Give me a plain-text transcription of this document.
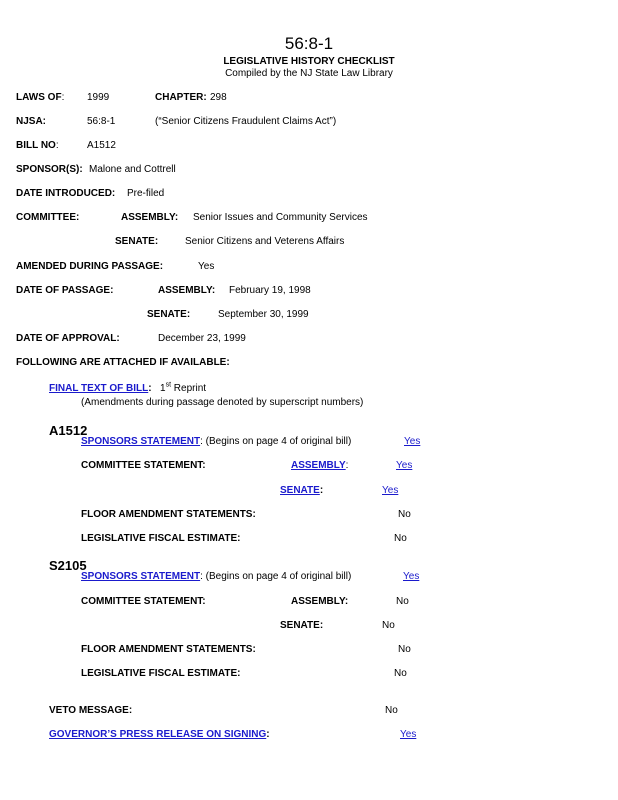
56:8-1
LEGISLATIVE HISTORY CHECKLIST
Compiled by the NJ State Law Library
LAWS OF: 1999	CHAPTER: 298
NJSA:	56:8-1	(“Senior Citizens Fraudulent Claims Act”)
BILL NO:	A1512
SPONSOR(S): Malone and Cottrell
DATE INTRODUCED: Pre-filed
COMMITTEE:	ASSEMBLY: Senior Issues and Community Services
SENATE:	Senior Citizens and Veterens Affairs
AMENDED DURING PASSAGE:	Yes
DATE OF PASSAGE:	ASSEMBLY: February 19, 1998
SENATE:	September 30, 1999
DATE OF APPROVAL:	December 23, 1999
FOLLOWING ARE ATTACHED IF AVAILABLE:
FINAL TEXT OF BILL: 1st Reprint
(Amendments during passage denoted by superscript numbers)
A1512
SPONSORS STATEMENT: (Begins on page 4 of original bill)	Yes
COMMITTEE STATEMENT:	ASSEMBLY:	Yes
SENATE:	Yes
FLOOR AMENDMENT STATEMENTS:	No
LEGISLATIVE FISCAL ESTIMATE:	No
S2105
SPONSORS STATEMENT: (Begins on page 4 of original bill)	Yes
COMMITTEE STATEMENT:	ASSEMBLY:	No
SENATE:	No
FLOOR AMENDMENT STATEMENTS:	No
LEGISLATIVE FISCAL ESTIMATE:	No
VETO MESSAGE:	No
GOVERNOR’S PRESS RELEASE ON SIGNING:	Yes
